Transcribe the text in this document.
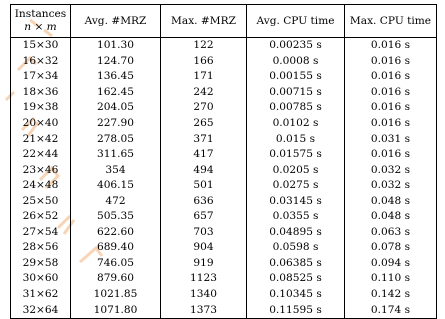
Instances
n × m	Avg. #MRZ	Max. #MRZ	Avg. CPU time	Max. CPU time
15×30	101.30	122	0.00235 s	0.016 s
16×32	124.70	166	0.0008 s	0.016 s
17×34	136.45	171	0.00155 s	0.016 s
18×36	162.45	242	0.00715 s	0.016 s
19×38	204.05	270	0.00785 s	0.016 s
20×40	227.90	265	0.0102 s	0.016 s
21×42	278.05	371	0.015 s	0.031 s
22×44	311.65	417	0.01575 s	0.016 s
23×46	354	494	0.0205 s	0.032 s
24×48	406.15	501	0.0275 s	0.032 s
25×50	472	636	0.03145 s	0.048 s
26×52	505.35	657	0.0355 s	0.048 s
27×54	622.60	703	0.04895 s	0.063 s
28×56	689.40	904	0.0598 s	0.078 s
29×58	746.05	919	0.06385 s	0.094 s
30×60	879.60	1123	0.08525 s	0.110 s
31×62	1021.85	1340	0.10345 s	0.142 s
32×64	1071.80	1373	0.11595 s	0.174 s
